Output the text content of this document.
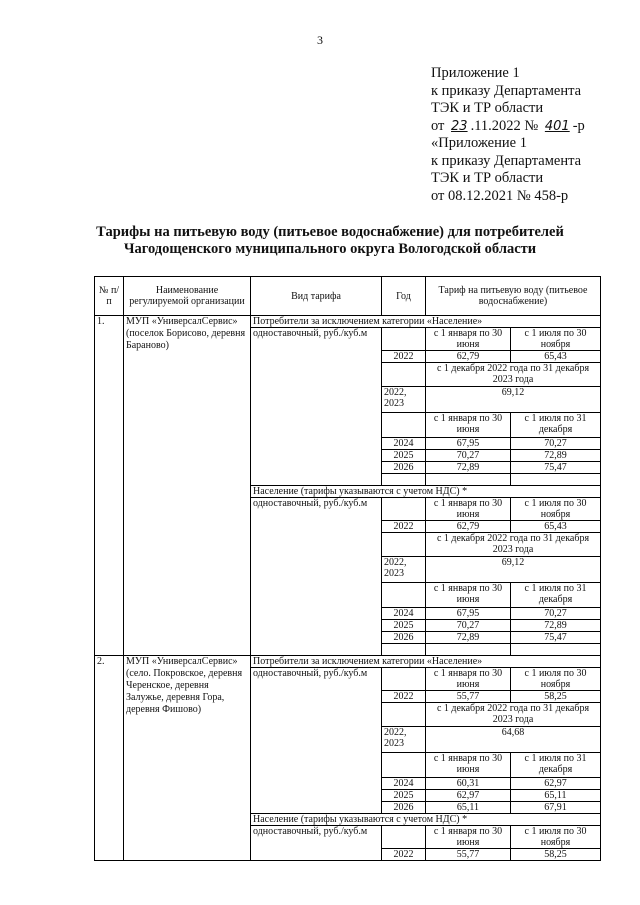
3
Приложение 1
к приказу Департамента
ТЭК и ТР области
от 23 .11.2022 № 401 -р
«Приложение 1
к приказу Департамента
ТЭК и ТР области
от 08.12.2021 № 458-р
Тарифы на питьевую воду (питьевое водоснабжение) для потребителей
Чагодощенского муниципального округа Вологодской области
№ п/п	Наименование регулируемой организации	Вид тарифа	Год	Тариф на питьевую воду (питьевое водоснабжение)	
1.	МУП «УниверсалСервис» (поселок Борисово, деревня Бараново)	Потребители за исключением категории «Население»			
		одноставочный, руб./куб.м		с 1 января по 30 июня	с 1 июля по 30 ноября
			2022	62,79	65,43
				с 1 декабря 2022 года по 31 декабря 2023 года	
			2022, 2023	69,12	
				с 1 января по 30 июня	с 1 июля по 31 декабря
			2024	67,95	70,27
			2025	70,27	72,89
			2026	72,89	75,47

		Население (тарифы указываются с учетом НДС) *			
		одноставочный, руб./куб.м		с 1 января по 30 июня	с 1 июля по 30 ноября
			2022	62,79	65,43
				с 1 декабря 2022 года по 31 декабря 2023 года	
			2022, 2023	69,12	
				с 1 января по 30 июня	с 1 июля по 31 декабря
			2024	67,95	70,27
			2025	70,27	72,89
			2026	72,89	75,47

2.	МУП «УниверсалСервис» (село. Покровское, деревня Черенское, деревня Залужье, деревня Гора, деревня Фишово)	Потребители за исключением категории «Население»			
		одноставочный, руб./куб.м		с 1 января по 30 июня	с 1 июля по 30 ноября
			2022	55,77	58,25
				с 1 декабря 2022 года по 31 декабря 2023 года	
			2022, 2023	64,68	
				с 1 января по 30 июня	с 1 июля по 31 декабря
			2024	60,31	62,97
			2025	62,97	65,11
			2026	65,11	67,91
		Население (тарифы указываются с учетом НДС) *			
		одноставочный, руб./куб.м		с 1 января по 30 июня	с 1 июля по 30 ноября
			2022	55,77	58,25
